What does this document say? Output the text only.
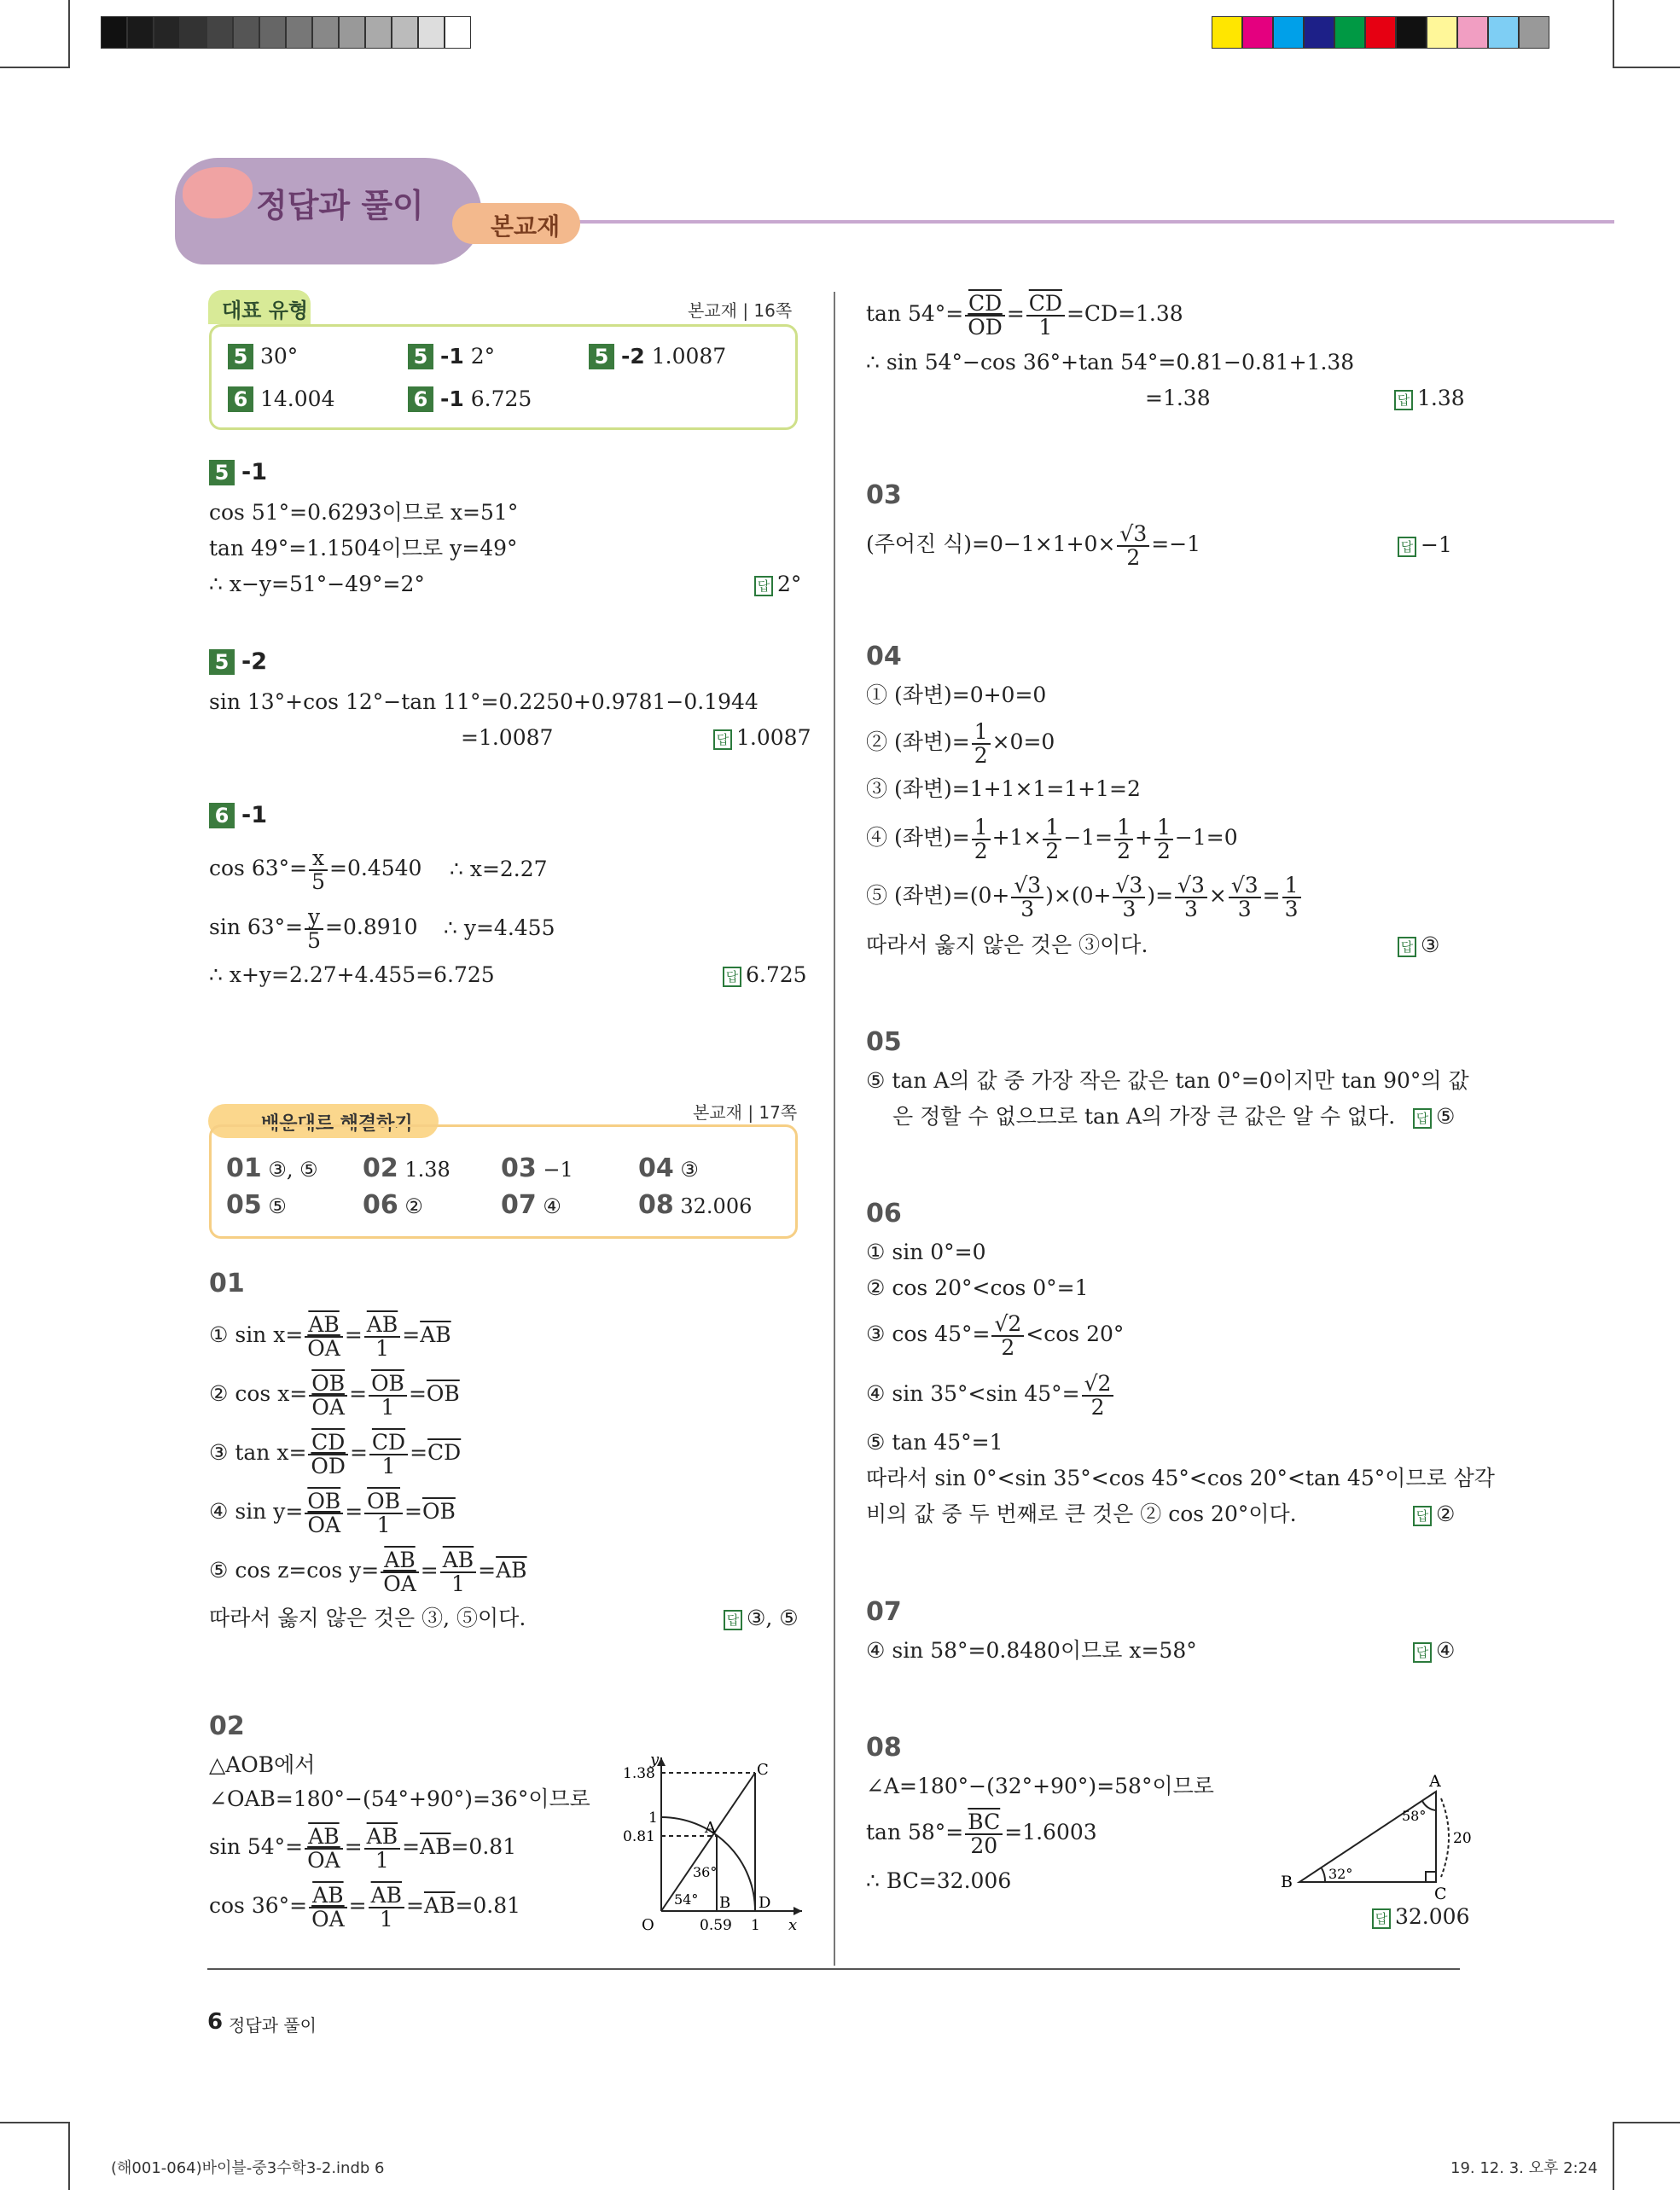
정답과 풀이
본교재
대표 유형	본교재 | 16쪽
5 30°	5 -1 2°	5 -2 1.0087
6 14.004	6 -1 6.725
5 -1
cos 51°=0.6293이므로 x=51°
tan 49°=1.1504이므로 y=49°
∴ x−y=51°−49°=2°	답 2°
5 -2
sin 13°+cos 12°−tan 11°=0.2250+0.9781−0.1944
=1.0087	답 1.0087
6 -1
$\cos 63^\circ= \frac{x}{5} =0.4540$ ∴ x=2.27
$\sin 63^\circ= \frac{y}{5} =0.8910$ ∴ y=4.455
∴ x+y=2.27+4.455=6.725	답 6.725
배운대로 해결하기
본교재 | 17쪽
01 ③, ⑤ 02 1.38 03 −1	04 ③
05 ⑤	06 ②	07 ④	08 32.006
01
① $\sin x= \frac{\overline{AB}}{OA} = \frac{\overline{AB}}{1} =\overline{AB}$
② $\cos x= \frac{\overline{OB}}{OA} = \frac{\overline{OB}}{1} =\overline{OB}$
③ $\tan x= \frac{\overline{CD}}{OD} = \frac{\overline{CD}}{1} =\overline{CD}$
④ $\sin y= \frac{\overline{OB}}{OA} = \frac{\overline{OB}}{1} =\overline{OB}$
⑤ cos z=cos $y= \frac{\overline{AB}}{OA} = \frac{\overline{AB}}{1} =\overline{AB}$
따라서 옳지 않은 것은 ③, ⑤이다.	답 ③, ⑤
02
△AOB에서
∠OAB=180°−(54°+90°)=36°이므로
$\sin 54^\circ= \frac{\overline{AB}}{OA} = \frac{\overline{AB}}{1} =\overline{AB}=0.81$
$\cos 36^\circ= \frac{\overline{AB}}{OA} = \frac{\overline{AB}}{1} =\overline{AB}=0.81$
y
x
O
A
B
C
D
1.38
1
0.81
0.59 1
36°
54°
$\tan 54^\circ= \frac{\overline{CD}}{OD} = \frac{\overline{CD}}{1} =CD=1.38$
∴ sin 54°−cos 36°+tan 54°=0.81−0.81+1.38
=1.38	답 1.38
03
(주어진 식)$=0-1\times 1+0\times \frac{√3}{2} =-1$	답 −1
04
① (좌변)=0+0=0
② (좌변)= $\frac{1}{2} \times 0=0$
③ (좌변)=1+1×1=1+1=2
④ (좌변)= $\frac{1}{2} +1\times \frac{1}{2} -1= \frac{1}{2} + \frac{1}{2} -1=0$
⑤ (좌변)$=(0+ \frac{√3}{3} )\times(0+ \frac{√3}{3}$ )= $\frac{√3}{3} \times \frac{√3}{3} = \frac{1}{3}$
따라서 옳지 않은 것은 ③이다.	답 ③
05
⑤ tan A의 값 중 가장 작은 값은 tan 0°=0이지만 tan 90°의 값
은 정할 수 없으므로 tan A의 가장 큰 값은 알 수 없다. 답 ⑤
06
① sin 0°=0
② cos 20°<cos 0°=1
③ $\cos 45^\circ= \frac{√2}{2} <\cos$ 20°
④ sin 35°<sin $45^\circ= \frac{√2}{2}$
⑤ tan 45°=1
따라서 sin 0°<sin 35°<cos 45°<cos 20°<tan 45°이므로 삼각
비의 값 중 두 번째로 큰 것은 ② cos 20°이다.	답 ②
07
④ sin 58°=0.8480이므로 x=58°	답 ④
08
∠A=180°−(32°+90°)=58°이므로
$\tan 58^\circ= \frac{\overline{BC}}{20} =1.6003$
∴ BC=32.006
답 32.006
A
B
C
20
58°
32°
6 정답과 풀이
(해001-064)바이블-중3수학3-2.indb 6	19. 12. 3. 오후 2:24
